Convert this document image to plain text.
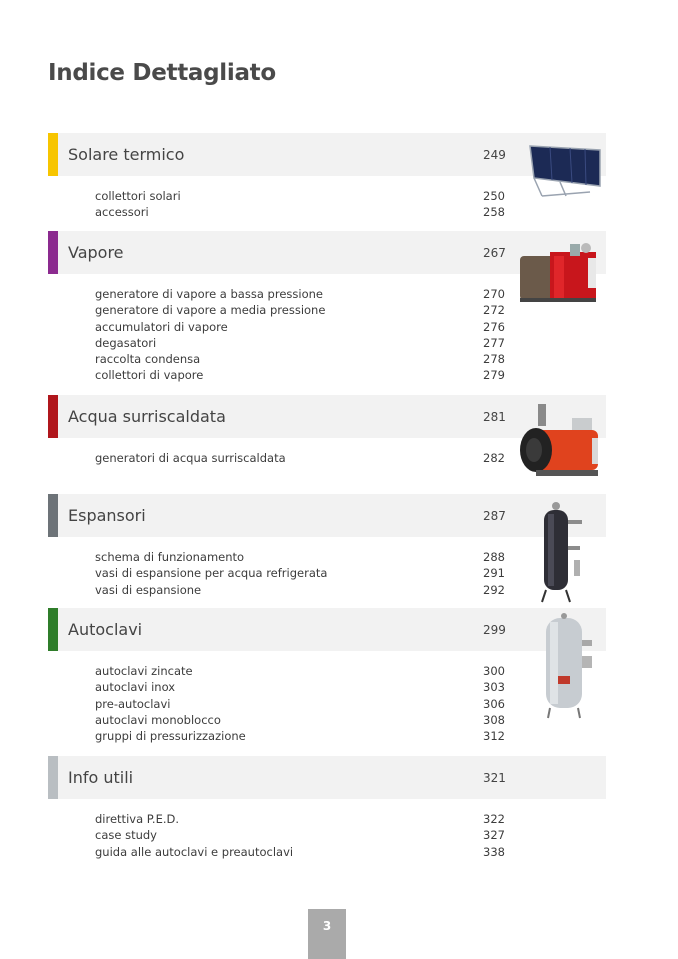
Indice Dettagliato
Solare termico	249
collettori solari	250
accessori	258
Vapore	267
generatore di vapore a bassa pressione	270
generatore di vapore a media pressione	272
accumulatori di vapore	276
degasatori	277
raccolta condensa	278
collettori di vapore	279
Acqua surriscaldata	281
generatori di acqua surriscaldata	282
Espansori	287
schema di funzionamento	288
vasi di espansione per acqua refrigerata	291
vasi di espansione	292
Autoclavi	299
autoclavi zincate	300
autoclavi inox	303
pre-autoclavi	306
autoclavi monoblocco	308
gruppi di pressurizzazione	312
Info utili	321
direttiva P.E.D.	322
case study	327
guida alle autoclavi e preautoclavi	338
3
